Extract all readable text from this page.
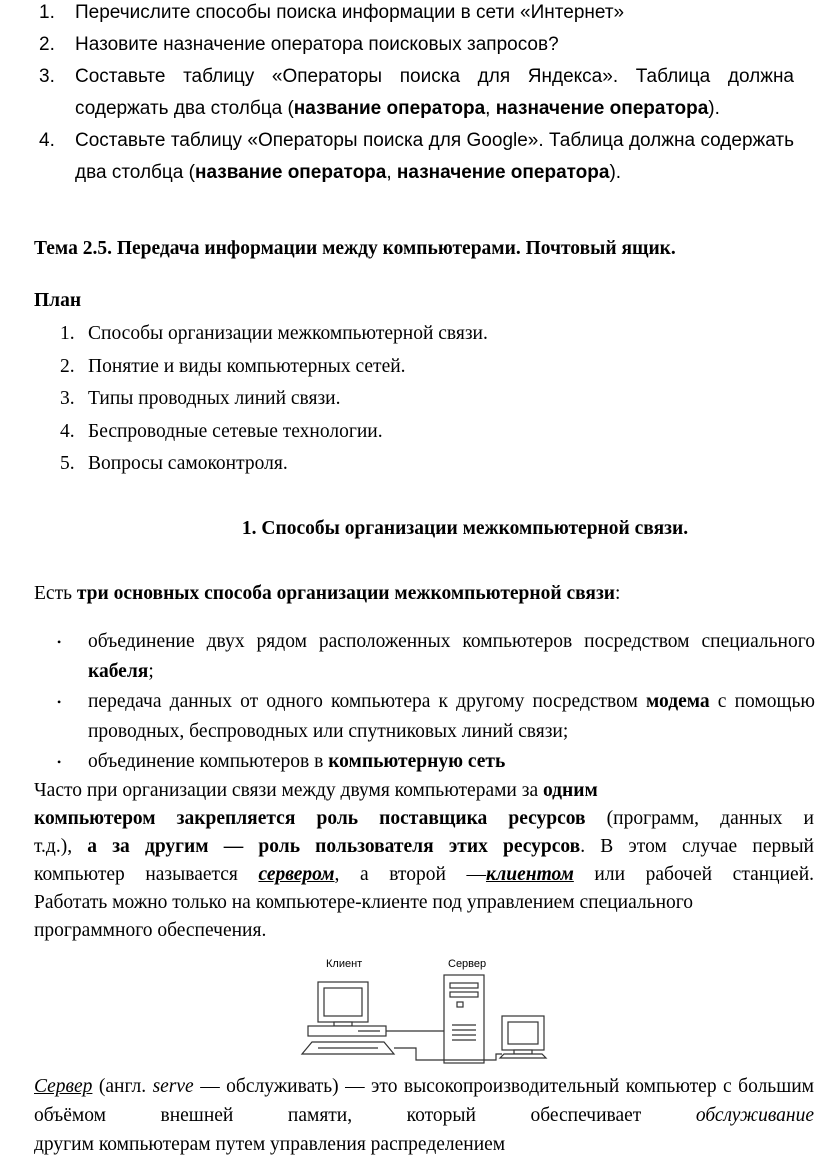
1. Перечислите способы поиска информации в сети «Интернет»
2. Назовите назначение оператора поисковых запросов?
3. Составьте таблицу «Операторы поиска для Яндекса». Таблица должна содержать два столбца (название оператора, назначение оператора).
4. Составьте таблицу «Операторы поиска для Google». Таблица должна содержать два столбца (название оператора, назначение оператора).
Тема 2.5. Передача информации между компьютерами. Почтовый ящик.
План
1. Способы организации межкомпьютерной связи.
2. Понятие и виды компьютерных сетей.
3. Типы проводных линий связи.
4. Беспроводные сетевые технологии.
5. Вопросы самоконтроля.
1. Способы организации межкомпьютерной связи.
Есть три основных способа организации межкомпьютерной связи:
• объединение двух рядом расположенных компьютеров посредством специального кабеля;
• передача данных от одного компьютера к другому посредством модема с помощью проводных, беспроводных или спутниковых линий связи;
• объединение компьютеров в компьютерную сеть
Часто при организации связи между двумя компьютерами за одним
компьютером закрепляется роль поставщика ресурсов (программ, данных и
т.д.), а за другим — роль пользователя этих ресурсов. В этом случае первый
компьютер называется сервером, а второй —клиентом или рабочей станцией.
Работать можно только на компьютере-клиенте под управлением специального
программного обеспечения.
Клиент	Сервер
Сервер (англ. serve — обслуживать) — это высокопроизводительный компьютер с большим объёмом внешней памяти, который обеспечивает обслуживание
другим компьютерам путем управления распределением
